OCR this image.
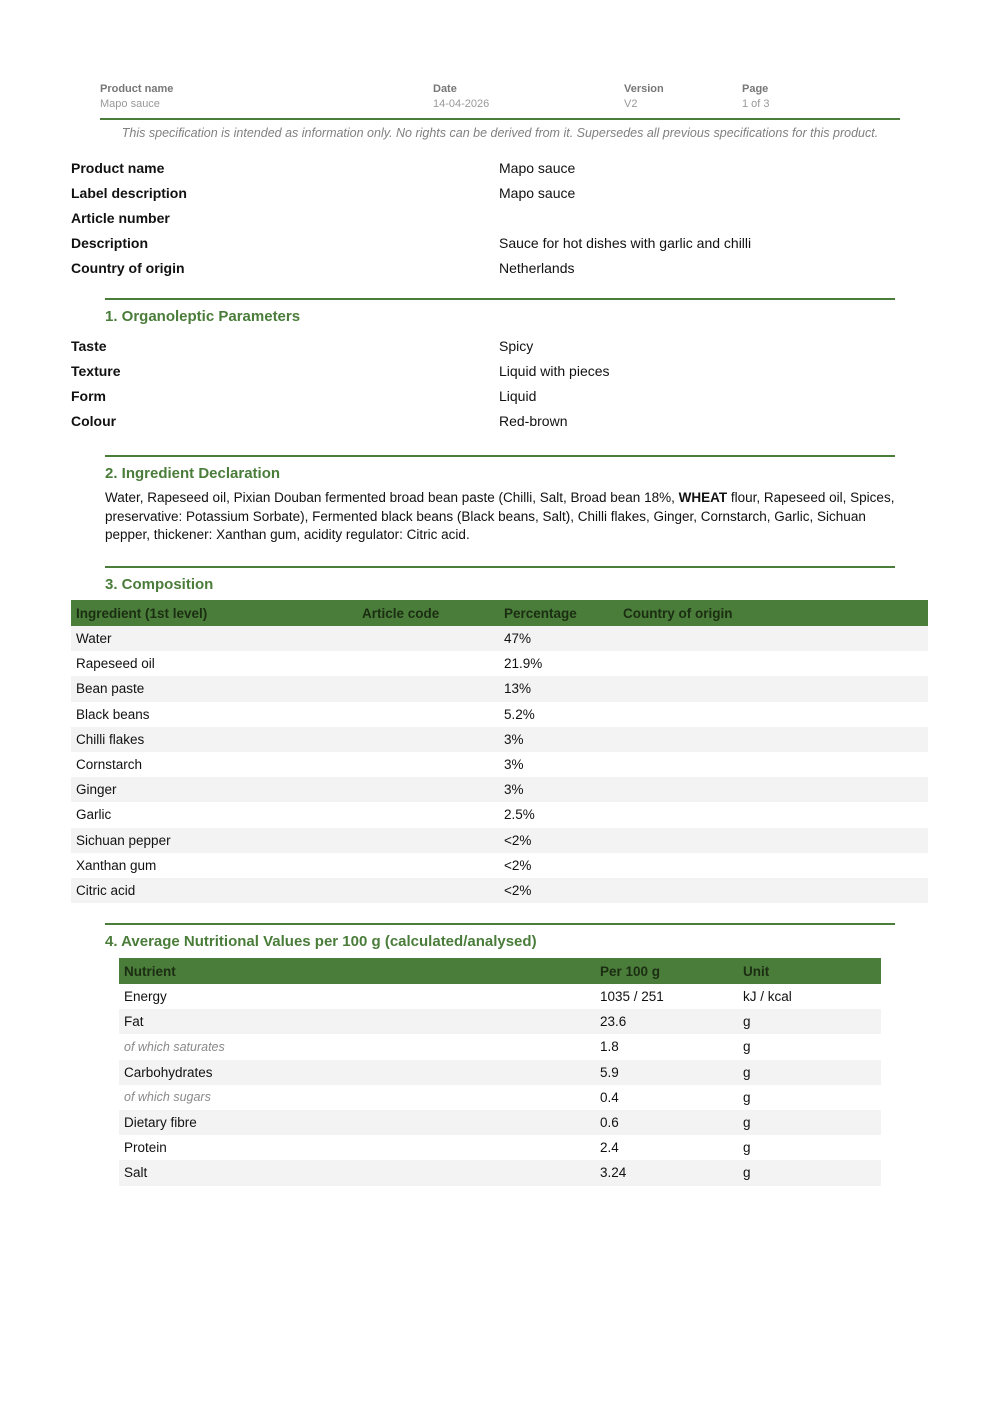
Product name
Mapo sauce
Date
14-04-2026
Version
V2
Page
1 of 3
This specification is intended as information only. No rights can be derived from it. Supersedes all previous specifications for this product.
Product name	Mapo sauce
Label description	Mapo sauce
Article number
Description	Sauce for hot dishes with garlic and chilli
Country of origin	Netherlands
1. Organoleptic Parameters
Taste	Spicy
Texture	Liquid with pieces
Form	Liquid
Colour	Red-brown
2. Ingredient Declaration
Water, Rapeseed oil, Pixian Douban fermented broad bean paste (Chilli, Salt, Broad bean 18%, WHEAT flour, Rapeseed oil, Spices, preservative: Potassium Sorbate), Fermented black beans (Black beans, Salt), Chilli flakes, Ginger, Cornstarch, Garlic, Sichuan pepper, thickener: Xanthan gum, acidity regulator: Citric acid.
3. Composition
Ingredient (1st level)	Article code	Percentage	Country of origin
Water		47%	
Rapeseed oil		21.9%	
Bean paste		13%	
Black beans		5.2%	
Chilli flakes		3%	
Cornstarch		3%	
Ginger		3%	
Garlic		2.5%	
Sichuan pepper		<2%	
Xanthan gum		<2%	
Citric acid		<2%	
4. Average Nutritional Values per 100 g (calculated/analysed)
Nutrient	Per 100 g	Unit
Energy	1035 / 251	kJ / kcal
Fat	23.6	g
of which saturates	1.8	g
Carbohydrates	5.9	g
of which sugars	0.4	g
Dietary fibre	0.6	g
Protein	2.4	g
Salt	3.24	g
